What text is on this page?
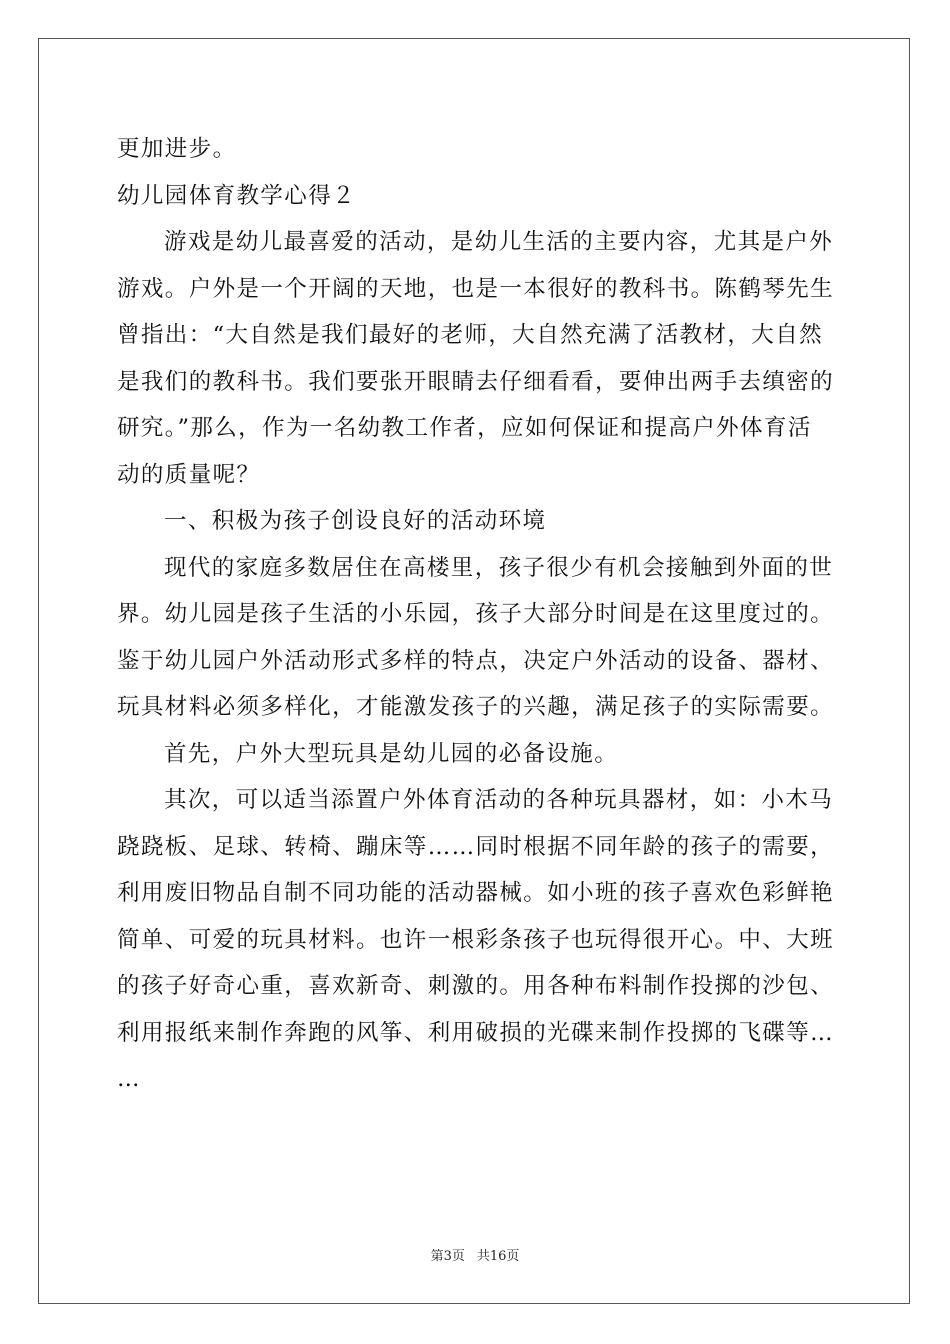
更加进步。
幼儿园体育教学心得２
游戏是幼儿最喜爱的活动，是幼儿生活的主要内容，尤其是户外
游戏。户外是一个开阔的天地，也是一本很好的教科书。陈鹤琴先生
曾指出：“大自然是我们最好的老师，大自然充满了活教材，大自然
是我们的教科书。我们要张开眼睛去仔细看看，要伸出两手去缜密的
研究。”那么，作为一名幼教工作者，应如何保证和提高户外体育活
动的质量呢？
一、积极为孩子创设良好的活动环境
现代的家庭多数居住在高楼里，孩子很少有机会接触到外面的世
界。幼儿园是孩子生活的小乐园，孩子大部分时间是在这里度过的。
鉴于幼儿园户外活动形式多样的特点，决定户外活动的设备、器材、
玩具材料必须多样化，才能激发孩子的兴趣，满足孩子的实际需要。
首先，户外大型玩具是幼儿园的必备设施。
其次，可以适当添置户外体育活动的各种玩具器材，如：小木马
跷跷板、足球、转椅、蹦床等……同时根据不同年龄的孩子的需要，
利用废旧物品自制不同功能的活动器械。如小班的孩子喜欢色彩鲜艳
简单、可爱的玩具材料。也许一根彩条孩子也玩得很开心。中、大班
的孩子好奇心重，喜欢新奇、刺激的。用各种布料制作投掷的沙包、
利用报纸来制作奔跑的风筝、利用破损的光碟来制作投掷的飞碟等…
…
第3页 共16页
